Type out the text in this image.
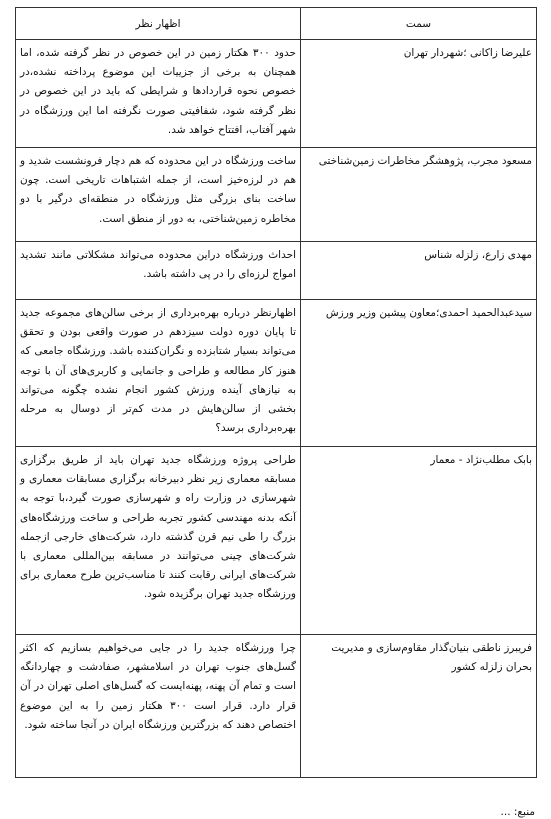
سمت	اظهار نظر
علیرضا زاکانی ؛شهردار تهران	حدود ۳۰۰ هکتار زمین در این خصوص در نظر گرفته شده، اما همچنان به برخی از جزییات این موضوع پرداخته نشده،در خصوص نحوه قراردادها و شرایطی که باید در این خصوص در نظر گرفته شود، شفافیتی صورت نگرفته اما این ورزشگاه در شهر آفتاب، افتتاح خواهد شد.
مسعود مجرب، پژوهشگر مخاطرات زمین‌شناختی	ساخت ورزشگاه در این محدوده که هم دچار فرونشست شدید و هم در لرزه‌خیز است، از جمله اشتباهات تاریخی است. چون ساخت بنای بزرگی مثل ورزشگاه در منطقه‌ای درگیر با دو مخاطره زمین‌شناختی، به دور از منطق است.
مهدی زارع، زلزله شناس	احداث ورزشگاه دراین محدوده می‌تواند مشکلاتی مانند تشدید امواج لرزه‌ای را در پی داشته باشد.
سیدعبدالحمید احمدی؛معاون پیشین وزیر ورزش	اظهارنظر درباره بهره‌برداری از برخی سالن‌های مجموعه جدید تا پایان دوره دولت سیزدهم در صورت واقعی بودن و تحقق می‌تواند بسیار شتابزده و نگران‌کننده باشد. ورزشگاه جامعی که هنوز کار مطالعه و طراحی و جانمایی و کاربری‌های آن با توجه به نیازهای آینده ورزش کشور انجام نشده چگونه می‌تواند بخشی از سالن‌هایش در مدت کم‌تر از دوسال به مرحله بهره‌برداری برسد؟
بابک مطلب‌نژاد - معمار	طراحی پروژه ورزشگاه جدید تهران باید از طریق برگزاری مسابقه معماری زیر نظر دبیرخانه برگزاری مسابقات معماری و شهرسازی در وزارت راه و شهرسازی صورت گیرد،با توجه به آنکه بدنه مهندسی کشور تجربه طراحی و ساخت ورزشگاه‌های بزرگ را طی نیم قرن گذشته دارد، شرکت‌های خارجی ازجمله شرکت‌های چینی می‌توانند در مسابقه بین‌المللی معماری با شرکت‌های ایرانی رقابت کنند تا مناسب‌ترین طرح معماری برای ورزشگاه جدید تهران برگزیده شود.
فریبرز ناطقی بنیان‌گذار مقاوم‌سازی و مدیریت بحران زلزله کشور	چرا ورزشگاه جدید را در جایی می‌خواهیم بسازیم که اکثر گسل‌های جنوب تهران در اسلامشهر، صفادشت و چهاردانگه است و تمام آن پهنه، پهنه‌ایست که گسل‌های اصلی تهران در آن قرار دارد. قرار است ۳۰۰ هکتار زمین را به این موضوع اختصاص دهند که بزرگترین ورزشگاه ایران در آنجا ساخته شود.
منبع: ...
